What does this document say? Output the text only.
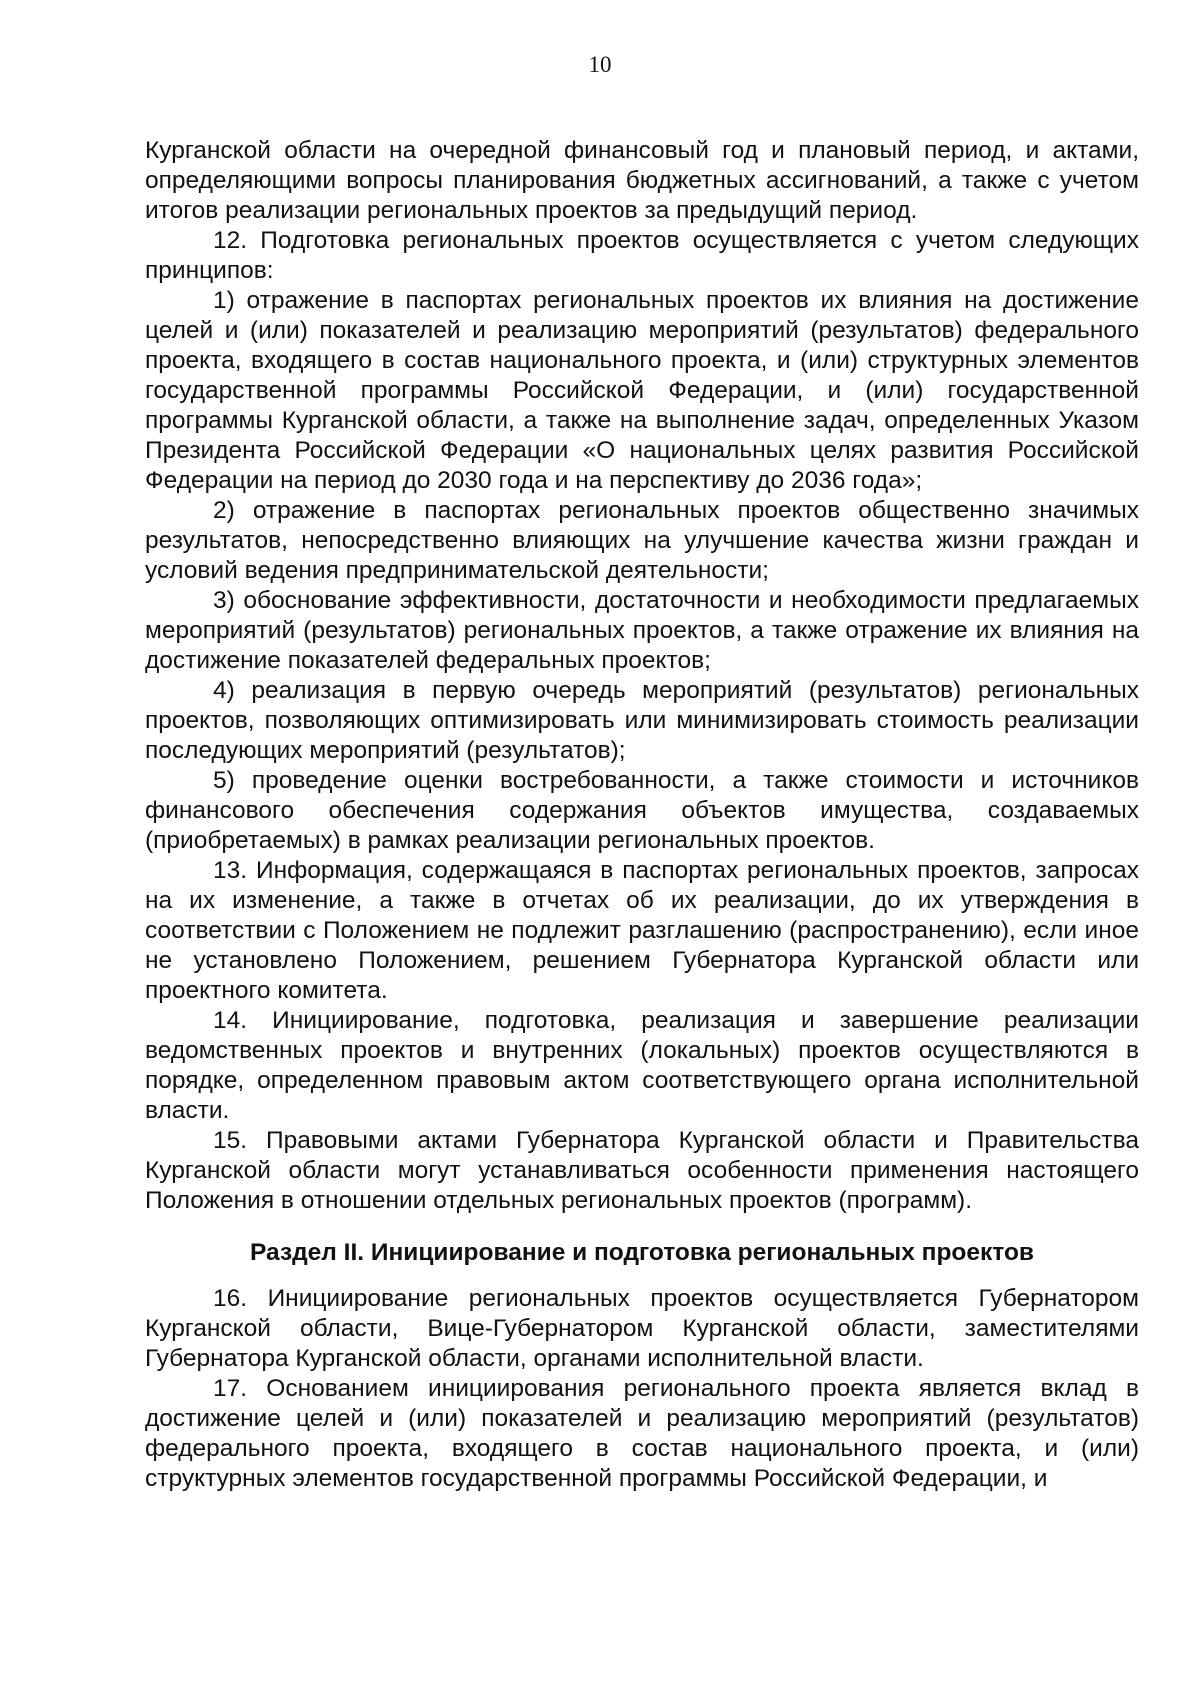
10

Курганской области на очередной финансовый год и плановый период, и актами, определяющими вопросы планирования бюджетных ассигнований, а также с учетом итогов реализации региональных проектов за предыдущий период.

12. Подготовка региональных проектов осуществляется с учетом следующих принципов:

1) отражение в паспортах региональных проектов их влияния на достижение целей и (или) показателей и реализацию мероприятий (результатов) федерального проекта, входящего в состав национального проекта, и (или) структурных элементов государственной программы Российской Федерации, и (или) государственной программы Курганской области, а также на выполнение задач, определенных Указом Президента Российской Федерации «О национальных целях развития Российской Федерации на период до 2030 года и на перспективу до 2036 года»;

2) отражение в паспортах региональных проектов общественно значимых результатов, непосредственно влияющих на улучшение качества жизни граждан и условий ведения предпринимательской деятельности;

3) обоснование эффективности, достаточности и необходимости предлагаемых мероприятий (результатов) региональных проектов, а также отражение их влияния на достижение показателей федеральных проектов;

4) реализация в первую очередь мероприятий (результатов) региональных проектов, позволяющих оптимизировать или минимизировать стоимость реализации последующих мероприятий (результатов);

5) проведение оценки востребованности, а также стоимости и источников финансового обеспечения содержания объектов имущества, создаваемых (приобретаемых) в рамках реализации региональных проектов.

13. Информация, содержащаяся в паспортах региональных проектов, запросах на их изменение, а также в отчетах об их реализации, до их утверждения в соответствии с Положением не подлежит разглашению (распространению), если иное не установлено Положением, решением Губернатора Курганской области или проектного комитета.

14. Инициирование, подготовка, реализация и завершение реализации ведомственных проектов и внутренних (локальных) проектов осуществляются в порядке, определенном правовым актом соответствующего органа исполнительной власти.

15. Правовыми актами Губернатора Курганской области и Правительства Курганской области могут устанавливаться особенности применения настоящего Положения в отношении отдельных региональных проектов (программ).

Раздел II. Инициирование и подготовка региональных проектов

16. Инициирование региональных проектов осуществляется Губернатором Курганской области, Вице-Губернатором Курганской области, заместителями Губернатора Курганской области, органами исполнительной власти.

17. Основанием инициирования регионального проекта является вклад в достижение целей и (или) показателей и реализацию мероприятий (результатов) федерального проекта, входящего в состав национального проекта, и (или) структурных элементов государственной программы Российской Федерации, и
